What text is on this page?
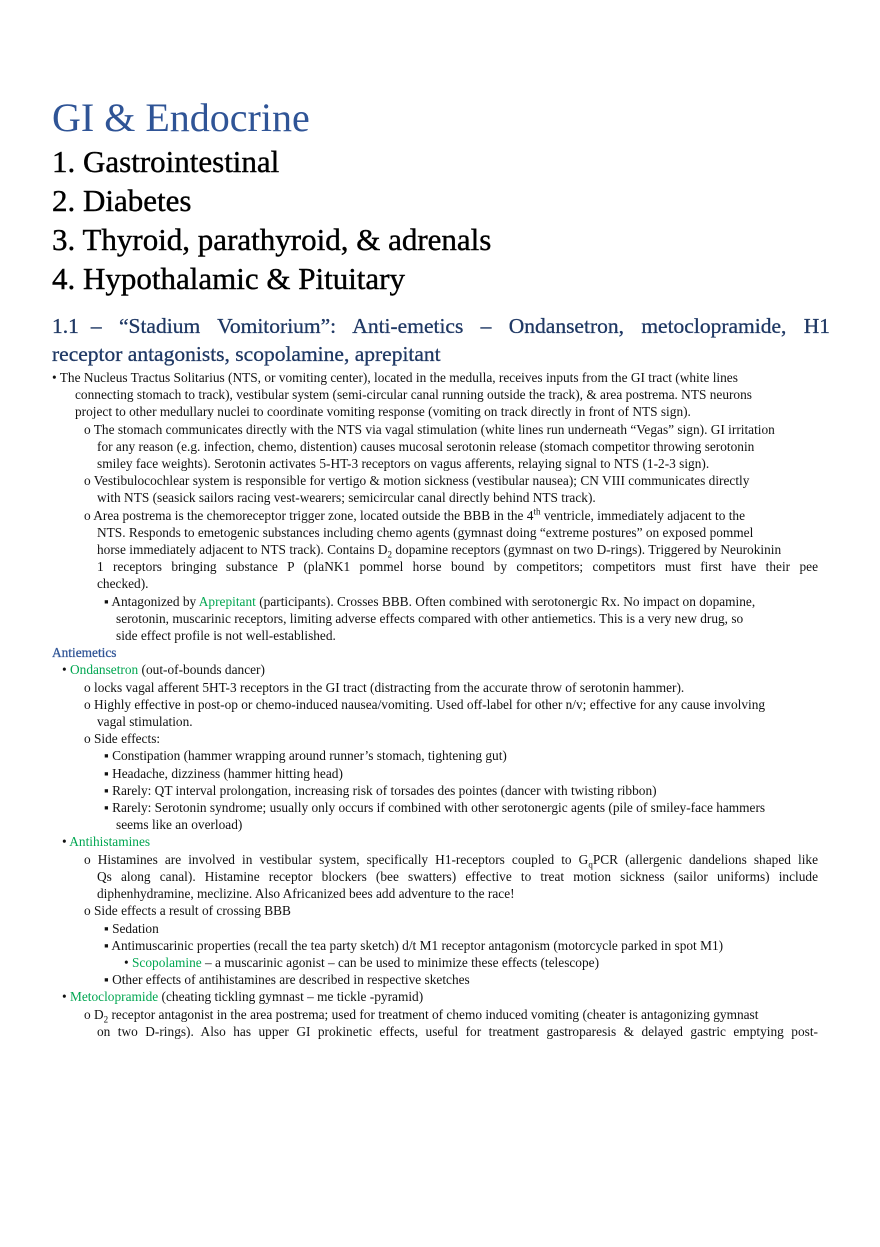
GI & Endocrine
1. Gastrointestinal
2. Diabetes
3. Thyroid, parathyroid, & adrenals
4. Hypothalamic & Pituitary
1.1 – “Stadium Vomitorium”: Anti-emetics – Ondansetron, metoclopramide, H1
receptor antagonists, scopolamine, aprepitant
• The Nucleus Tractus Solitarius (NTS, or vomiting center), located in the medulla, receives inputs from the GI tract (white lines
connecting stomach to track), vestibular system (semi-circular canal running outside the track), & area postrema. NTS neurons
project to other medullary nuclei to coordinate vomiting response (vomiting on track directly in front of NTS sign).
o The stomach communicates directly with the NTS via vagal stimulation (white lines run underneath “Vegas” sign). GI irritation
for any reason (e.g. infection, chemo, distention) causes mucosal serotonin release (stomach competitor throwing serotonin
smiley face weights). Serotonin activates 5-HT-3 receptors on vagus afferents, relaying signal to NTS (1-2-3 sign).
o Vestibulocochlear system is responsible for vertigo & motion sickness (vestibular nausea); CN VIII communicates directly
with NTS (seasick sailors racing vest-wearers; semicircular canal directly behind NTS track).
o Area postrema is the chemoreceptor trigger zone, located outside the BBB in the 4th ventricle, immediately adjacent to the
NTS. Responds to emetogenic substances including chemo agents (gymnast doing “extreme postures” on exposed pommel
horse immediately adjacent to NTS track). Contains $D_2$ dopamine receptors (gymnast on two D-rings). Triggered by Neurokinin
1 receptors bringing substance P (plaNK1 pommel horse bound by competitors; competitors must first have their pee
checked).
▪ Antagonized by Aprepitant (participants). Crosses BBB. Often combined with serotonergic Rx. No impact on dopamine,
serotonin, muscarinic receptors, limiting adverse effects compared with other antiemetics. This is a very new drug, so
side effect profile is not well-established.
Antiemetics
• Ondansetron (out-of-bounds dancer)
o locks vagal afferent 5HT-3 receptors in the GI tract (distracting from the accurate throw of serotonin hammer).
o Highly effective in post-op or chemo-induced nausea/vomiting. Used off-label for other n/v; effective for any cause involving
vagal stimulation.
o Side effects:
▪ Constipation (hammer wrapping around runner’s stomach, tightening gut)
▪ Headache, dizziness (hammer hitting head)
▪ Rarely: QT interval prolongation, increasing risk of torsades des pointes (dancer with twisting ribbon)
▪ Rarely: Serotonin syndrome; usually only occurs if combined with other serotonergic agents (pile of smiley-face hammers
seems like an overload)
• Antihistamines
o Histamines are involved in vestibular system, specifically H1-receptors coupled to $G_qPCR$ (allergenic dandelions shaped like
Qs along canal). Histamine receptor blockers (bee swatters) effective to treat motion sickness (sailor uniforms) include
diphenhydramine, meclizine. Also Africanized bees add adventure to the race!
o Side effects a result of crossing BBB
▪ Sedation
▪ Antimuscarinic properties (recall the tea party sketch) d/t M1 receptor antagonism (motorcycle parked in spot M1)
• Scopolamine – a muscarinic agonist – can be used to minimize these effects (telescope)
▪ Other effects of antihistamines are described in respective sketches
• Metoclopramide (cheating tickling gymnast – me tickle -pyramid)
o $D_2$ receptor antagonist in the area postrema; used for treatment of chemo induced vomiting (cheater is antagonizing gymnast
on two D-rings). Also has upper GI prokinetic effects, useful for treatment gastroparesis & delayed gastric emptying post-
